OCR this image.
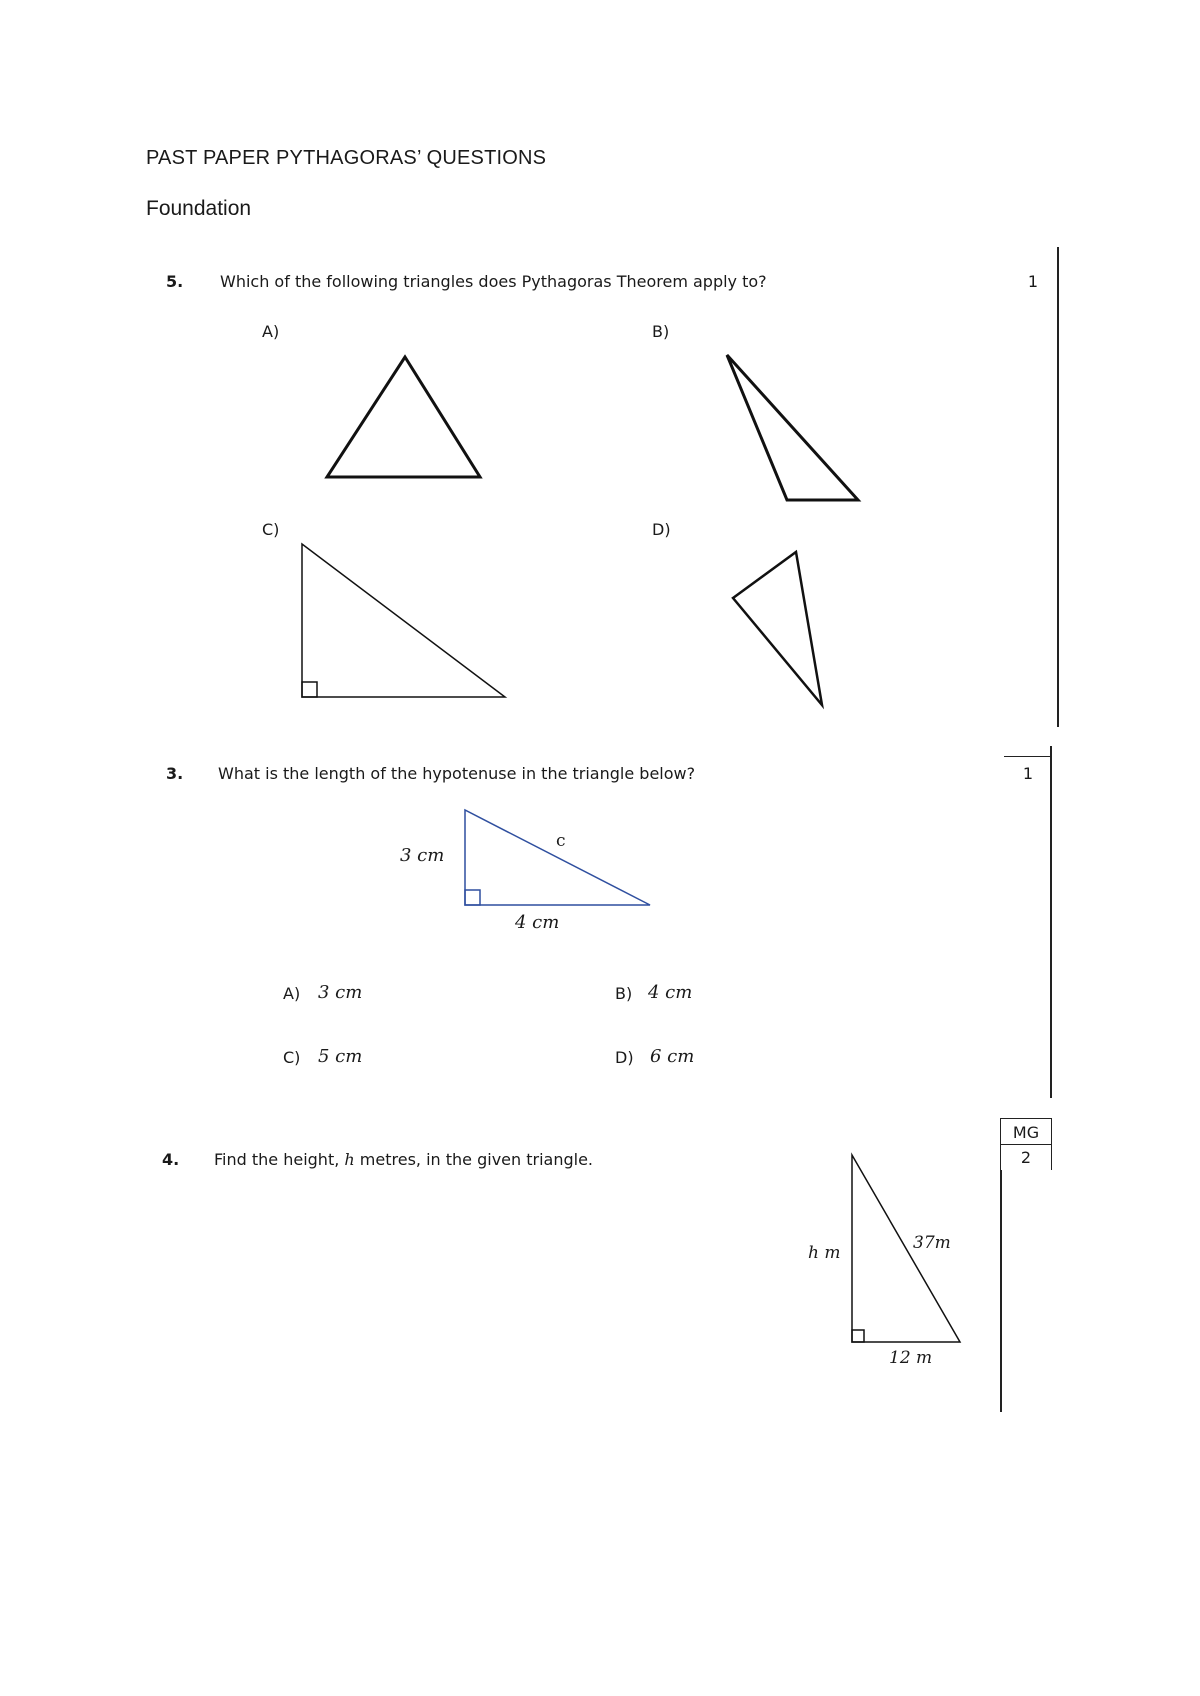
PAST PAPER PYTHAGORAS’ QUESTIONS
Foundation
5. Which of the following triangles does Pythagoras Theorem apply to?	1
A)	B)
C)	D)
3. What is the length of the hypotenuse in the triangle below?	1
3 cm
4 cm
c
A) 3 cm	B) 4 cm
C) 5 cm	D) 6 cm
4. Find the height, h metres, in the given triangle.
MG
2
h m	37m
12 m
